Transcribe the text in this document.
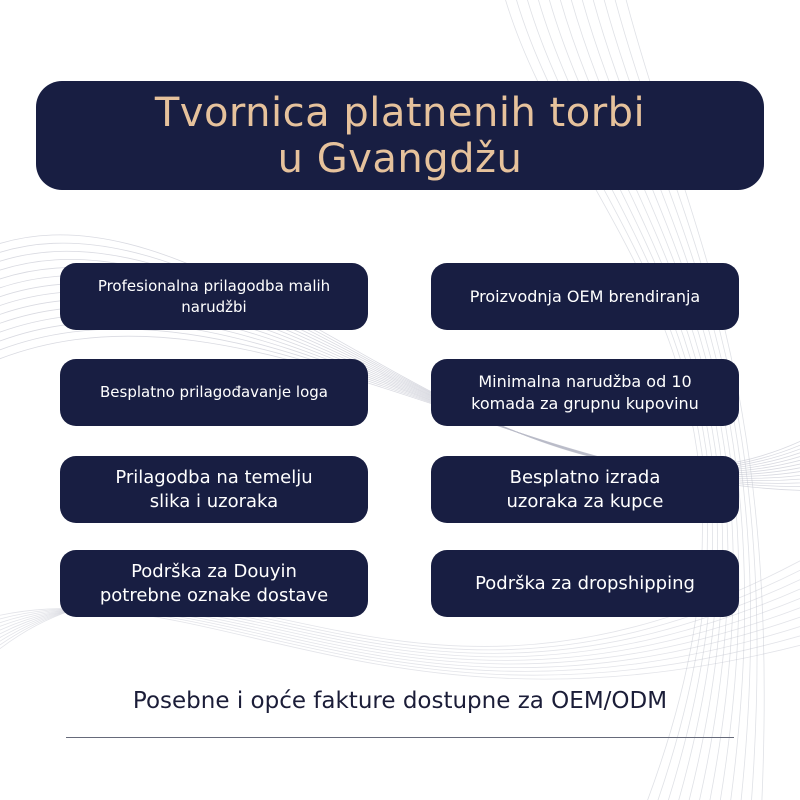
Tvornica platnenih torbi
u Gvangdžu
Profesionalna prilagodba malih
narudžbi
Proizvodnja OEM brendiranja
Besplatno prilagođavanje loga
Minimalna narudžba od 10
komada za grupnu kupovinu
Prilagodba na temelju
slika i uzoraka
Besplatno izrada
uzoraka za kupce
Podrška za Douyin
potrebne oznake dostave
Podrška za dropshipping
Posebne i opće fakture dostupne za OEM/ODM
